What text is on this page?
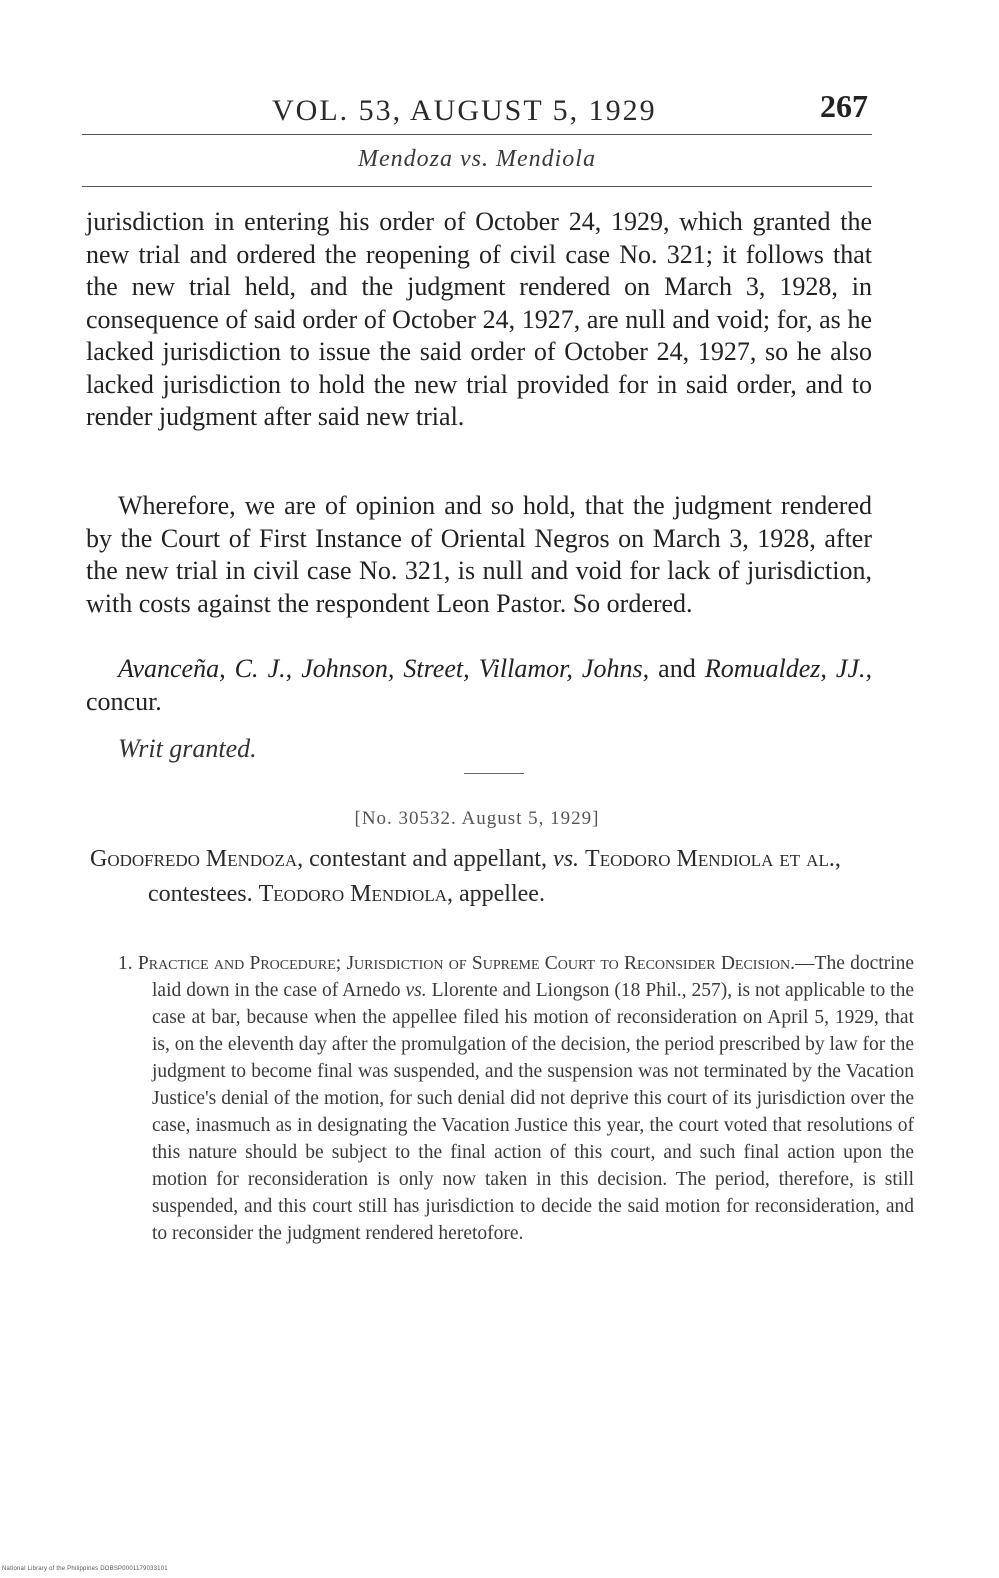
VOL. 53, AUGUST 5, 1929	267
Mendoza vs. Mendiola

jurisdiction in entering his order of October 24, 1929, which granted the new trial and ordered the reopening of civil case No. 321; it follows that the new trial held, and the judgment rendered on March 3, 1928, in consequence of said order of October 24, 1927, are null and void; for, as he lacked jurisdiction to issue the said order of October 24, 1927, so he also lacked jurisdiction to hold the new trial provided for in said order, and to render judgment after said new trial.

Wherefore, we are of opinion and so hold, that the judgment rendered by the Court of First Instance of Oriental Negros on March 3, 1928, after the new trial in civil case No. 321, is null and void for lack of jurisdiction, with costs against the respondent Leon Pastor. So ordered.

Avanceña, C. J., Johnson, Street, Villamor, Johns, and Romualdez, JJ., concur.

Writ granted.
[No. 30532. August 5, 1929]
Godofredo Mendoza, contestant and appellant, vs. Teodoro Mendiola et al., contestees. Teodoro Mendiola, appellee.
1. Practice and Procedure; Jurisdiction of Supreme Court to Reconsider Decision.—The doctrine laid down in the case of Arnedo vs. Llorente and Liongson (18 Phil., 257), is not applicable to the case at bar, because when the appellee filed his motion of reconsideration on April 5, 1929, that is, on the eleventh day after the promulgation of the decision, the period prescribed by law for the judgment to become final was suspended, and the suspension was not terminated by the Vacation Justice's denial of the motion, for such denial did not deprive this court of its jurisdiction over the case, inasmuch as in designating the Vacation Justice this year, the court voted that resolutions of this nature should be subject to the final action of this court, and such final action upon the motion for reconsideration is only now taken in this decision. The period, therefore, is still suspended, and this court still has jurisdiction to decide the said motion for reconsideration, and to reconsider the judgment rendered heretofore.
National Library of the Philippines DOBSP0001179033101
